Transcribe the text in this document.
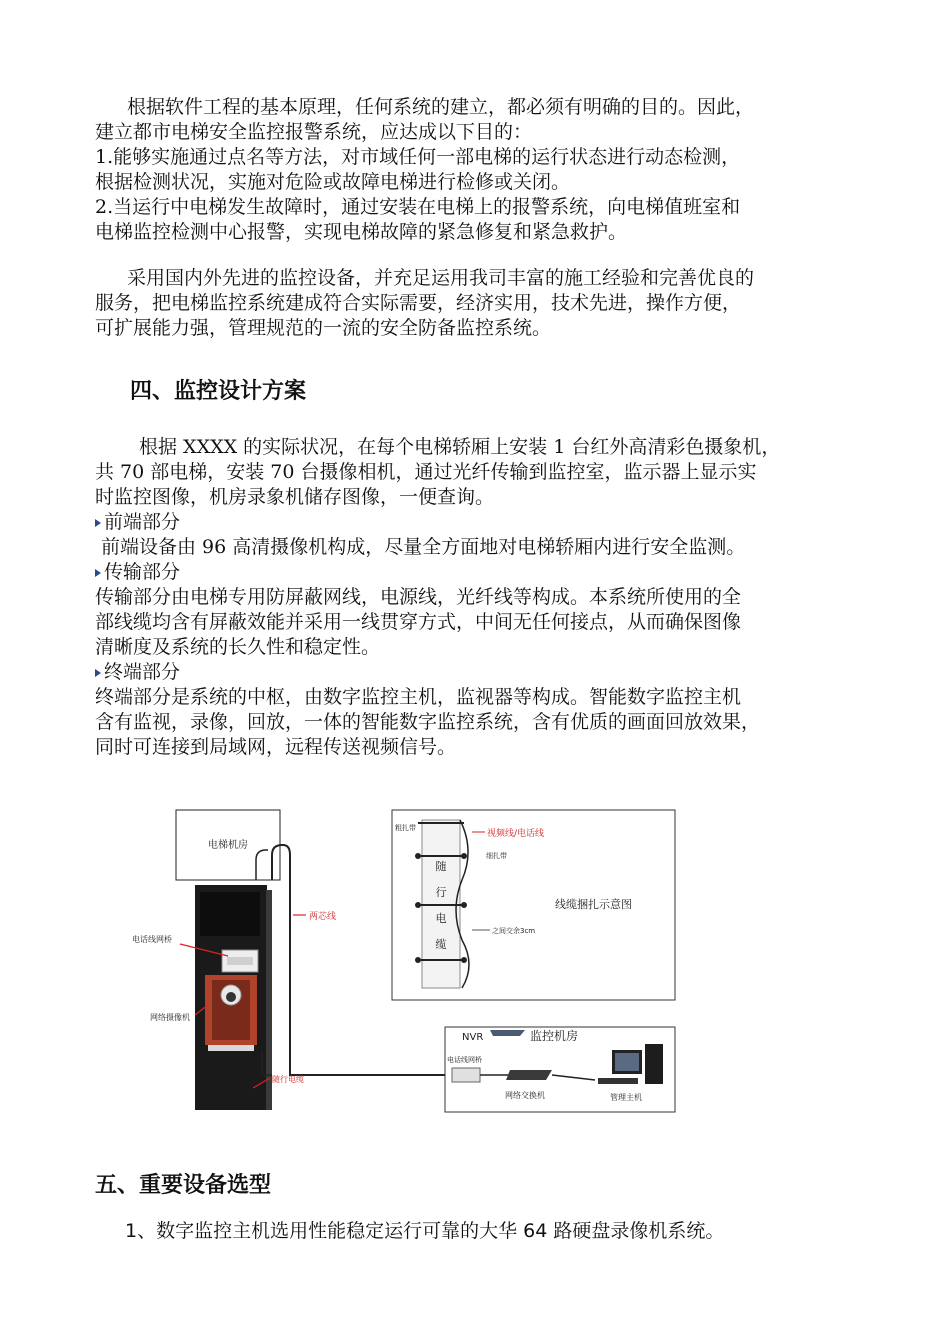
根据软件工程的基本原理，任何系统的建立，都必须有明确的目的。因此，

建立都市电梯安全监控报警系统，应达成以下目的：

1.能够实施通过点名等方法，对市域任何一部电梯的运行状态进行动态检测，

根据检测状况，实施对危险或故障电梯进行检修或关闭。

2.当运行中电梯发生故障时，通过安装在电梯上的报警系统，向电梯值班室和

电梯监控检测中心报警，实现电梯故障的紧急修复和紧急救护。

采用国内外先进的监控设备，并充足运用我司丰富的施工经验和完善优良的

服务，把电梯监控系统建成符合实际需要，经济实用，技术先进，操作方便，

可扩展能力强，管理规范的一流的安全防备监控系统。

四、监控设计方案

根据 XXXX 的实际状况，在每个电梯轿厢上安装 1 台红外高清彩色摄象机，

共 70 部电梯，安装 70 台摄像相机，通过光纤传输到监控室，监示器上显示实

时监控图像，机房录象机储存图像，一便查询。

前端部分

前端设备由 96 高清摄像机构成，尽量全方面地对电梯轿厢内进行安全监测。

传输部分

传输部分由电梯专用防屏蔽网线，电源线，光纤线等构成。本系统所使用的全

部线缆均含有屏蔽效能并采用一线贯穿方式，中间无任何接点，从而确保图像

清晰度及系统的长久性和稳定性。

终端部分

终端部分是系统的中枢，由数字监控主机，监视器等构成。智能数字监控主机

含有监视，录像，回放，一体的智能数字监控系统，含有优质的画面回放效果，

同时可连接到局域网，远程传送视频信号。

电梯机房
两芯线
电话线网桥
网络摄像机
随行电缆
粗扎带
视频线/电话线
细扎带
随
行
电
缆
之间交余3cm
线缆捆扎示意图
NVR	监控机房
电话线网桥
网络交换机	管理主机
五、重要设备选型

1、数字监控主机选用性能稳定运行可靠的大华 64 路硬盘录像机系统。
